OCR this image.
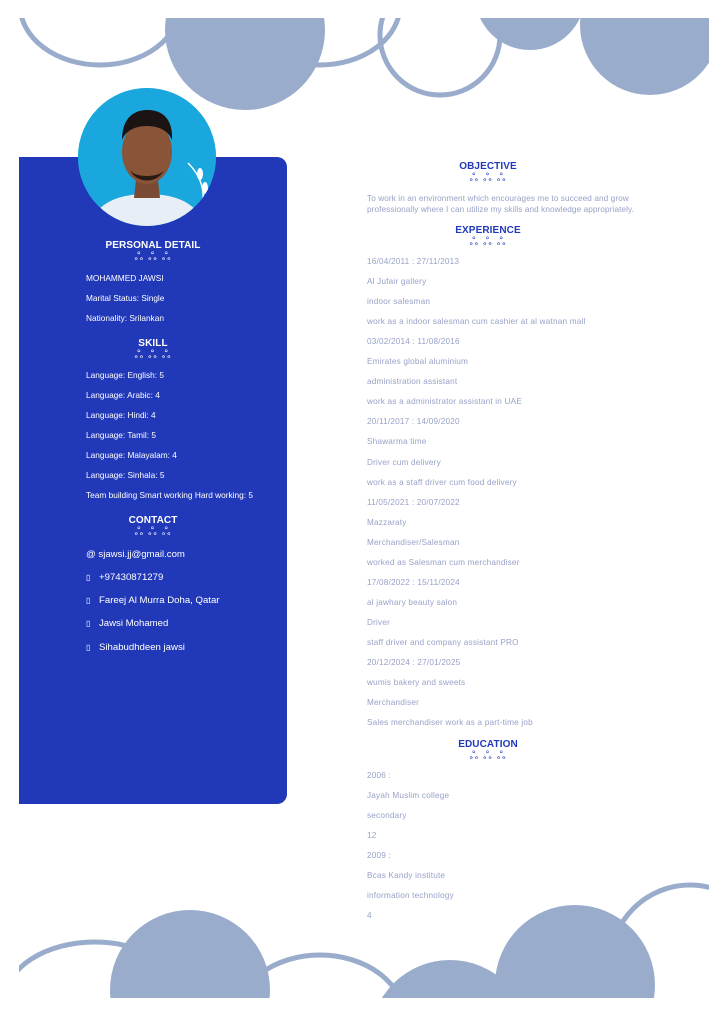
PERSONAL DETAIL
ஃ ஃ ஃ
MOHAMMED JAWSI
Marital Status: Single
Nationality: Srilankan
SKILL
ஃ ஃ ஃ
Language: English: 5
Language: Arabic: 4
Language: Hindi: 4
Language: Tamil: 5
Language: Malayalam: 4
Language: Sinhala: 5
Team building Smart working Hard working: 5
CONTACT
ஃ ஃ ஃ
@ sjawsi.jj@gmail.com
▯ +97430871279
▯ Fareej Al Murra Doha, Qatar
▯ Jawsi Mohamed
▯ Sihabudhdeen jawsi
OBJECTIVE
ஃ ஃ ஃ
To work in an environment which encourages me to succeed and grow professionally where I can utilize my skills and knowledge appropriately.
EXPERIENCE
ஃ ஃ ஃ
16/04/2011 : 27/11/2013
Al Jufair gallery
indoor salesman
work as a indoor salesman cum cashier at al watnan mall
03/02/2014 : 11/08/2016
Emirates global aluminium
administration assistant
work as a administrator assistant in UAE
20/11/2017 : 14/09/2020
Shawarma time
Driver cum delivery
work as a staff driver cum food delivery
11/05/2021 : 20/07/2022
Mazzaraty
Merchandiser/Salesman
worked as Salesman cum merchandiser
17/08/2022 : 15/11/2024
al jawhary beauty salon
Driver
staff driver and company assistant PRO
20/12/2024 : 27/01/2025
wumis bakery and sweets
Merchandiser
Sales merchandiser work as a part-time job
EDUCATION
ஃ ஃ ஃ
2006 :
Jayah Muslim college
secondary
12
2009 :
Bcas Kandy institute
information technology
4
